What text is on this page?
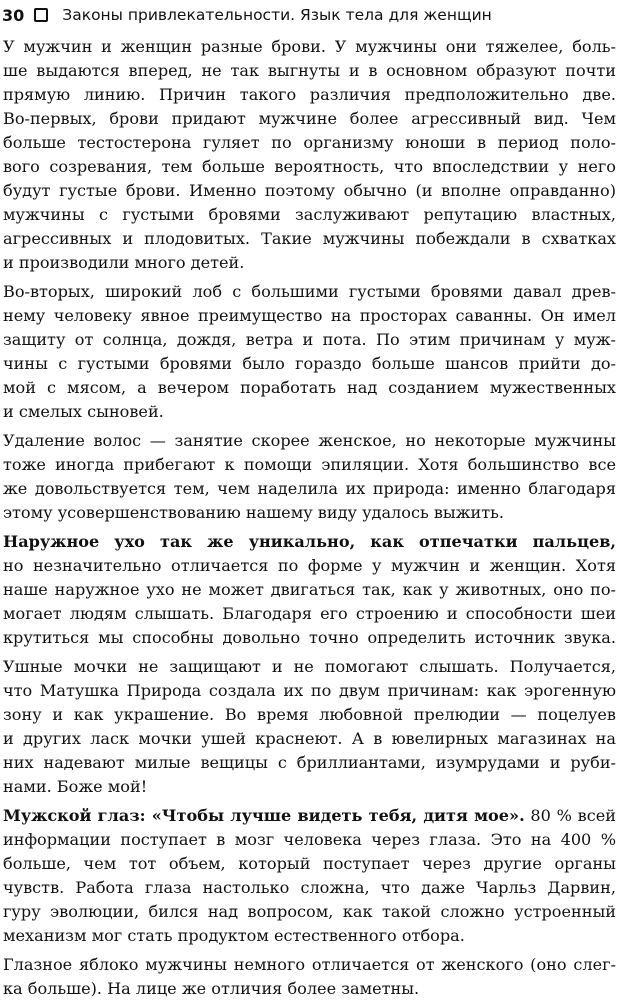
30 Законы привлекательности. Язык тела для женщин
У мужчин и женщин разные брови. У мужчины они тяжелее, боль-
ше выдаются вперед, не так выгнуты и в основном образуют почти
прямую линию. Причин такого различия предположительно две.
Во-первых, брови придают мужчине более агрессивный вид. Чем
больше тестостерона гуляет по организму юноши в период поло-
вого созревания, тем больше вероятность, что впоследствии у него
будут густые брови. Именно поэтому обычно (и вполне оправданно)
мужчины с густыми бровями заслуживают репутацию властных,
агрессивных и плодовитых. Такие мужчины побеждали в схватках
и производили много детей.
Во-вторых, широкий лоб с большими густыми бровями давал древ-
нему человеку явное преимущество на просторах саванны. Он имел
защиту от солнца, дождя, ветра и пота. По этим причинам у муж-
чины с густыми бровями было гораздо больше шансов прийти до-
мой с мясом, а вечером поработать над созданием мужественных
и смелых сыновей.
Удаление волос — занятие скорее женское, но некоторые мужчины
тоже иногда прибегают к помощи эпиляции. Хотя большинство все
же довольствуется тем, чем наделила их природа: именно благодаря
этому усовершенствованию нашему виду удалось выжить.
Наружное ухо так же уникально, как отпечатки пальцев,
но незначительно отличается по форме у мужчин и женщин. Хотя
наше наружное ухо не может двигаться так, как у животных, оно по-
могает людям слышать. Благодаря его строению и способности шеи
крутиться мы способны довольно точно определить источник звука.
Ушные мочки не защищают и не помогают слышать. Получается,
что Матушка Природа создала их по двум причинам: как эрогенную
зону и как украшение. Во время любовной прелюдии — поцелуев
и других ласк мочки ушей краснеют. А в ювелирных магазинах на
них надевают милые вещицы с бриллиантами, изумрудами и руби-
нами. Боже мой!
Мужской глаз: «Чтобы лучше видеть тебя, дитя мое». 80 % всей
информации поступает в мозг человека через глаза. Это на 400 %
больше, чем тот объем, который поступает через другие органы
чувств. Работа глаза настолько сложна, что даже Чарльз Дарвин,
гуру эволюции, бился над вопросом, как такой сложно устроенный
механизм мог стать продуктом естественного отбора.
Глазное яблоко мужчины немного отличается от женского (оно слег-
ка больше). На лице же отличия более заметны.
